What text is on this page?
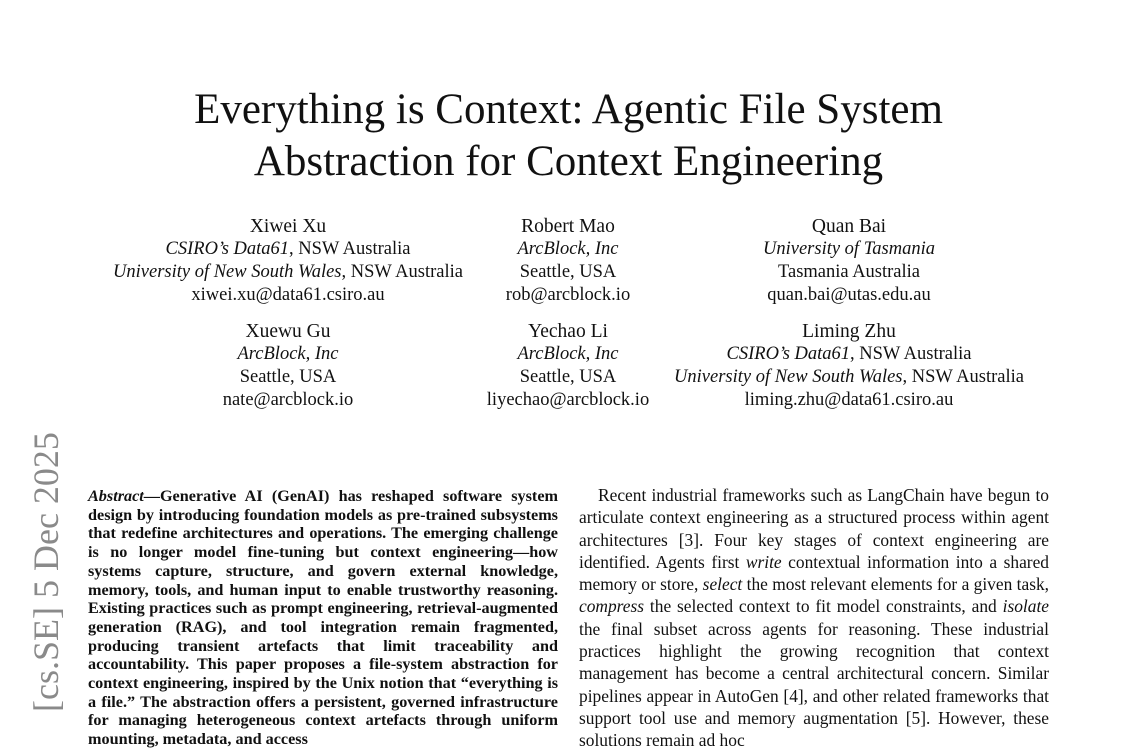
Everything is Context: Agentic File System
Abstraction for Context Engineering
Xiwei Xu
CSIRO’s Data61, NSW Australia
University of New South Wales, NSW Australia
xiwei.xu@data61.csiro.au
Robert Mao
ArcBlock, Inc
Seattle, USA
rob@arcblock.io
Quan Bai
University of Tasmania
Tasmania Australia
quan.bai@utas.edu.au
Xuewu Gu
ArcBlock, Inc
Seattle, USA
nate@arcblock.io
Yechao Li
ArcBlock, Inc
Seattle, USA
liyechao@arcblock.io
Liming Zhu
CSIRO’s Data61, NSW Australia
University of New South Wales, NSW Australia
liming.zhu@data61.csiro.au
[cs.SE] 5 Dec 2025 Abstract—Generative AI (GenAI) has reshaped software system design by introducing foundation models as pre-trained subsystems that redefine architectures and operations. The emerging challenge is no longer model fine-tuning but context engineering—how systems capture, structure, and govern external knowledge, memory, tools, and human input to enable trustworthy reasoning. Existing practices such as prompt engineering, retrieval-augmented generation (RAG), and tool integration remain fragmented, producing transient artefacts that limit traceability and accountability. This paper proposes a file-system abstraction for context engineering, inspired by the Unix notion that “everything is a file.” The abstraction offers a persistent, governed infrastructure for managing heterogeneous context artefacts through uniform mounting, metadata, and access
Recent industrial frameworks such as LangChain have begun to articulate context engineering as a structured process within agent architectures [3]. Four key stages of context engineering are identified. Agents first write contextual information into a shared memory or store, select the most relevant elements for a given task, compress the selected context to fit model constraints, and isolate the final subset across agents for reasoning. These industrial practices highlight the growing recognition that context management has become a central architectural concern. Similar pipelines appear in AutoGen [4], and other related frameworks that support tool use and memory augmentation [5]. However, these solutions remain ad hoc
